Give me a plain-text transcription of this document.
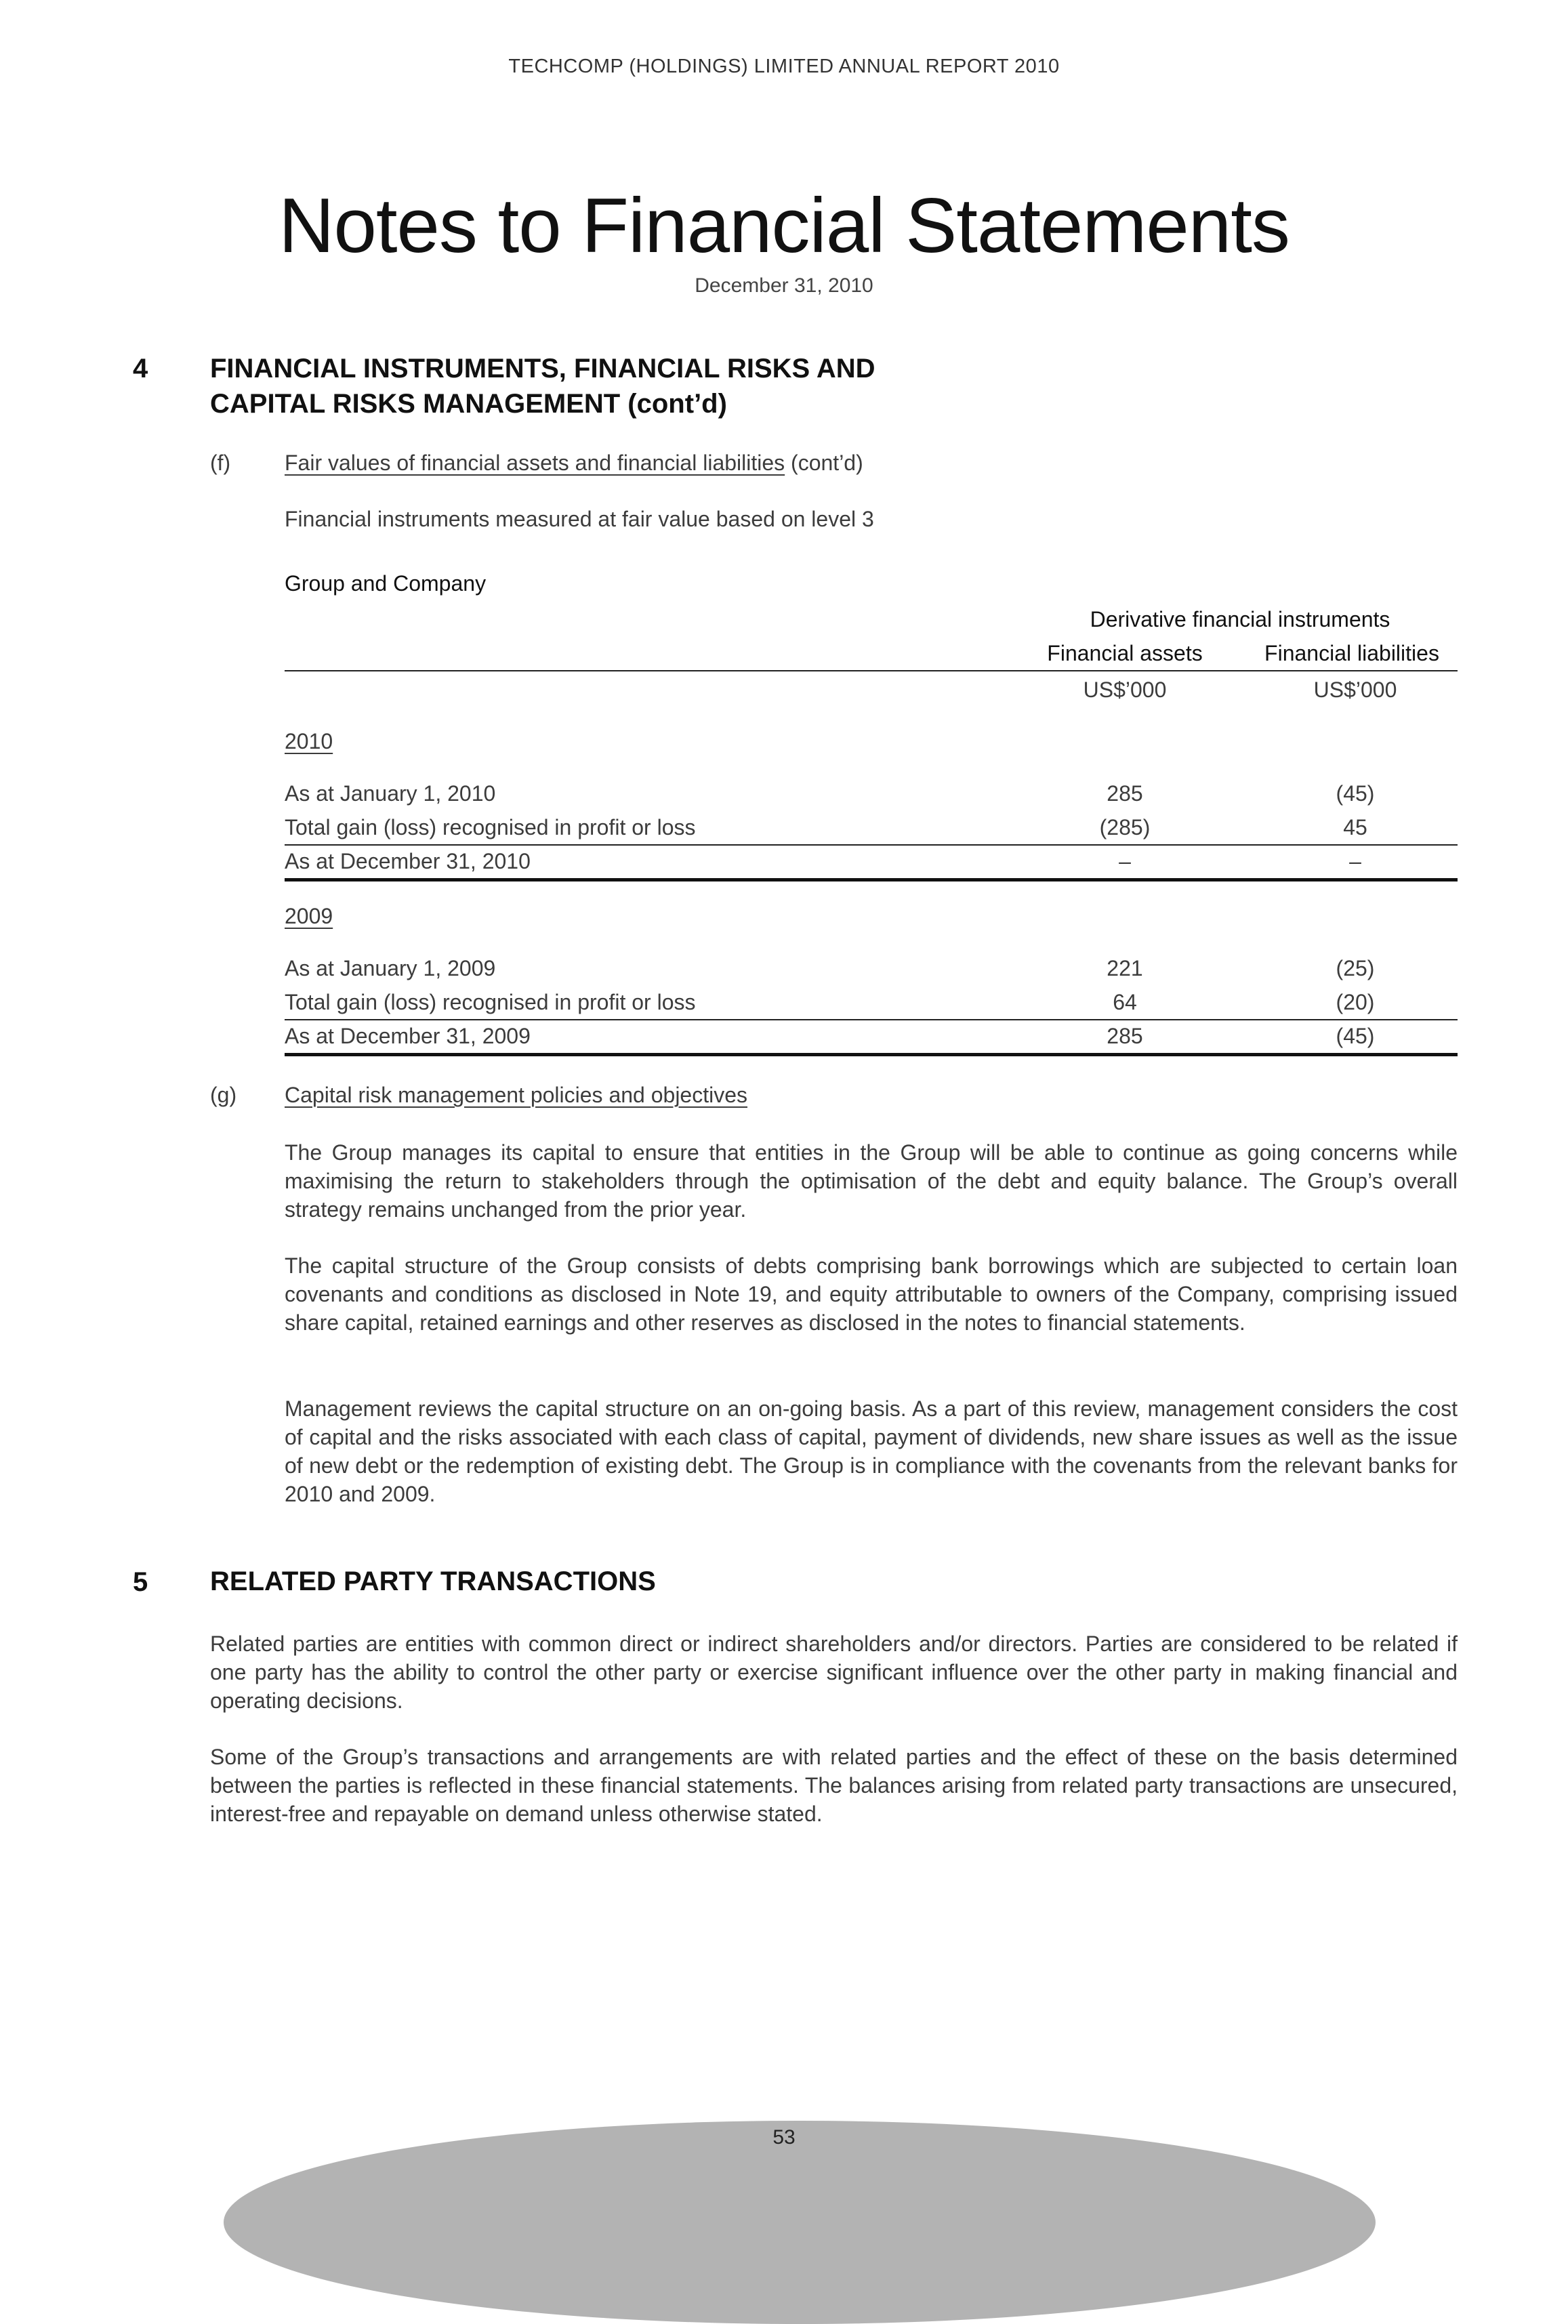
TECHCOMP (HOLDINGS) LIMITED ANNUAL REPORT 2010
Notes to Financial Statements
December 31, 2010
4 FINANCIAL INSTRUMENTS, FINANCIAL RISKS AND
CAPITAL RISKS MANAGEMENT (cont’d)
(f) Fair values of financial assets and financial liabilities (cont’d)
Financial instruments measured at fair value based on level 3
Group and Company
Derivative financial instruments
Financial assets	Financial liabilities
US$’000	US$’000
2010
As at January 1, 2010	285	(45)
Total gain (loss) recognised in profit or loss	(285)	45
As at December 31, 2010	–	–
2009
As at January 1, 2009	221	(25)
Total gain (loss) recognised in profit or loss	64	(20)
As at December 31, 2009	285	(45)
(g) Capital risk management policies and objectives
The Group manages its capital to ensure that entities in the Group will be able to continue as going concerns while maximising the return to stakeholders through the optimisation of the debt and equity balance. The Group’s overall strategy remains unchanged from the prior year.
The capital structure of the Group consists of debts comprising bank borrowings which are subjected to certain loan covenants and conditions as disclosed in Note 19, and equity attributable to owners of the Company, comprising issued share capital, retained earnings and other reserves as disclosed in the notes to financial statements.
Management reviews the capital structure on an on-going basis. As a part of this review, management considers the cost of capital and the risks associated with each class of capital, payment of dividends, new share issues as well as the issue of new debt or the redemption of existing debt. The Group is in compliance with the covenants from the relevant banks for 2010 and 2009.
5 RELATED PARTY TRANSACTIONS
Related parties are entities with common direct or indirect shareholders and/or directors. Parties are considered to be related if one party has the ability to control the other party or exercise significant influence over the other party in making financial and operating decisions.
Some of the Group’s transactions and arrangements are with related parties and the effect of these on the basis determined between the parties is reflected in these financial statements. The balances arising from related party transactions are unsecured, interest-free and repayable on demand unless otherwise stated.
53
